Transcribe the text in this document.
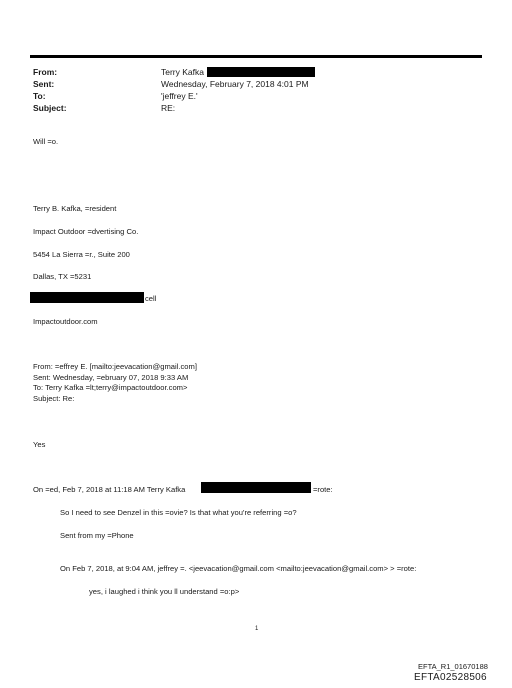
From:
Sent:
To:
Subject:
Terry Kafka
Wednesday, February 7, 2018 4:01 PM
'jeffrey E.'
RE:
Will =o.
Terry B. Kafka, =resident
Impact Outdoor =dvertising Co.
5454 La Sierra =r., Suite 200
Dallas, TX =5231
cell
Impactoutdoor.com
From: =effrey E. [mailto:jeevacation@gmail.com]
Sent: Wednesday, =ebruary 07, 2018 9:33 AM
To: Terry Kafka =lt;terry@impactoutdoor.com>
Subject: Re:
Yes
On =ed, Feb 7, 2018 at 11:18 AM Terry Kafka	=rote:
So I need to see Denzel in this =ovie? Is that what you're referring =o?
Sent from my =Phone
On Feb 7, 2018, at 9:04 AM, jeffrey =. <jeevacation@gmail.com <mailto:jeevacation@gmail.com> > =rote:
yes, i laughed i think you ll understand =o:p>
1
EFTA_R1_01670188
EFTA02528506
